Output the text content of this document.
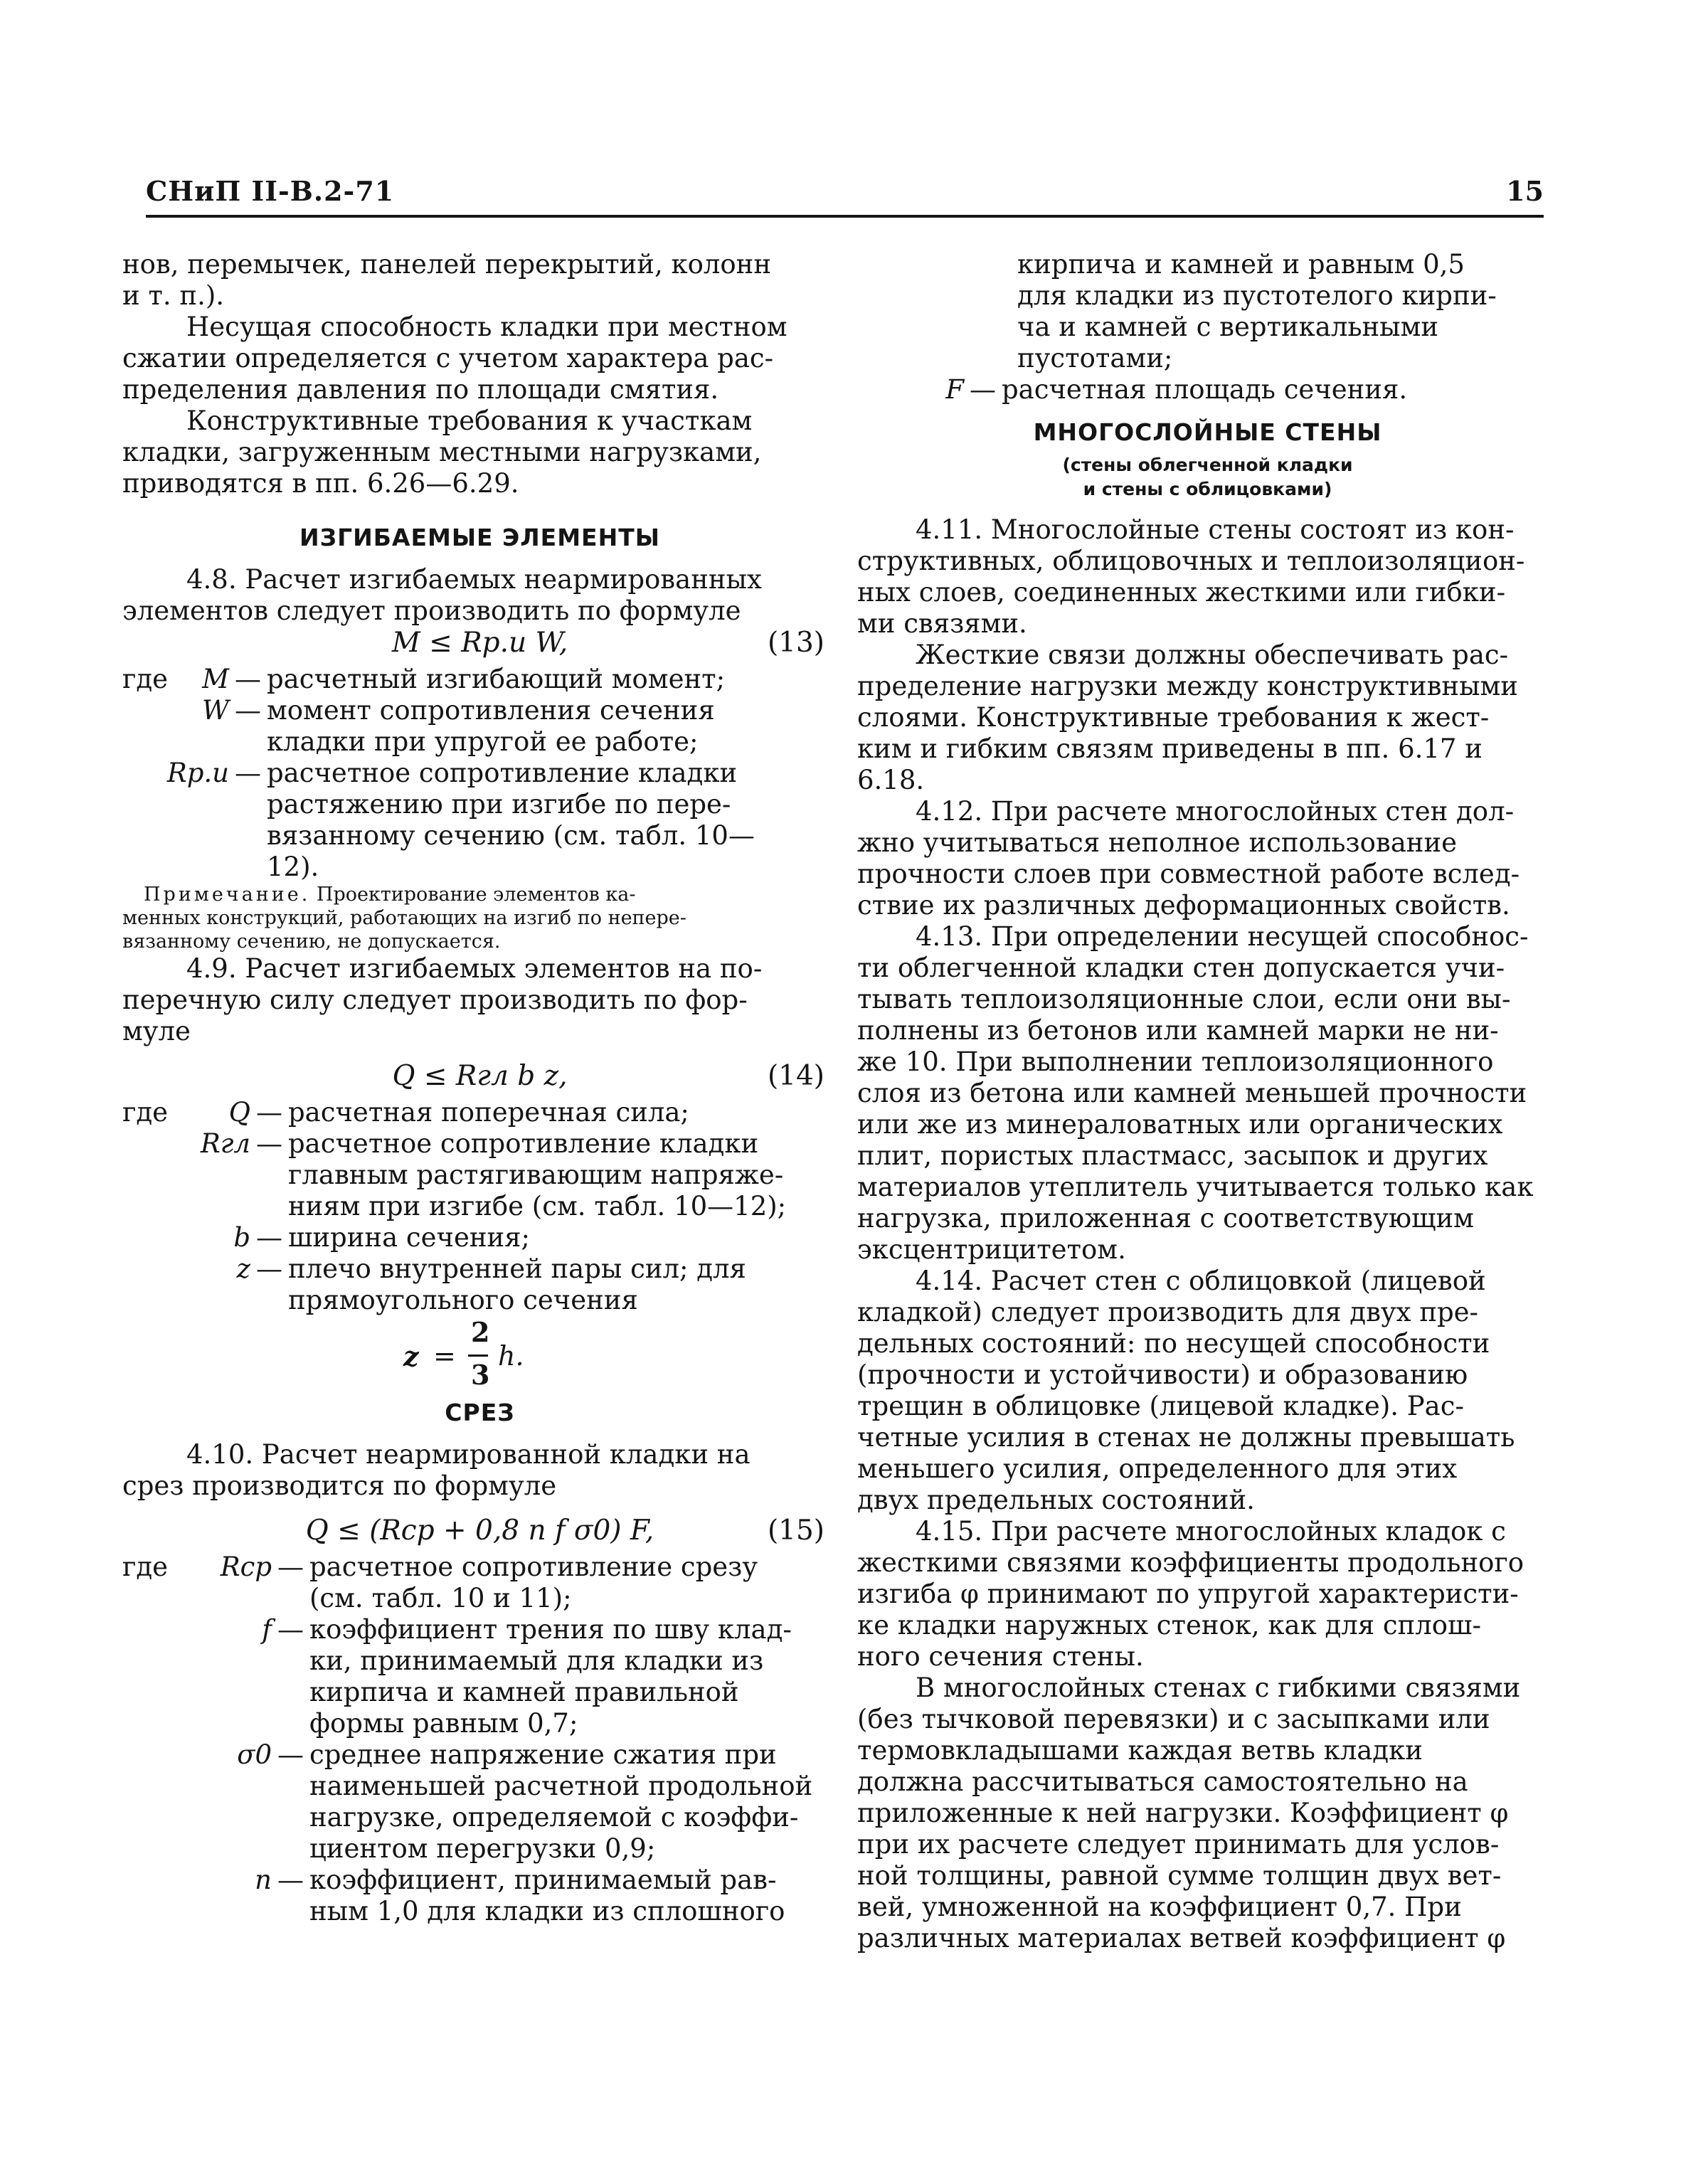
СНиП II-В.2-71	15

нов, перемычек, панелей перекрытий, колонн
и т. п.).

Несущая способность кладки при местном
сжатии определяется с учетом характера рас-
пределения давления по площади смятия.

Конструктивные требования к участкам
кладки, загруженным местными нагрузками,
приводятся в пп. 6.26—6.29.

ИЗГИБАЕМЫЕ ЭЛЕМЕНТЫ

4.8. Расчет изгибаемых неармированных
элементов следует производить по формуле

M ≤ Rр.и W,	(13)
где	M — расчетный изгибающий момент;
W — момент сопротивления сечения
кладки при упругой ее работе;
Rр.и — расчетное сопротивление кладки
растяжению при изгибе по пере-
вязанному сечению (см. табл. 10—
12).

Примечание. Проектирование элементов ка-
менных конструкций, работающих на изгиб по непере-
вязанному сечению, не допускается.

4.9. Расчет изгибаемых элементов на по-
перечную силу следует производить по фор-
муле

Q ≤ Rгл b z,	(14)
где	Q — расчетная поперечная сила;
Rгл — расчетное сопротивление кладки
главным растягивающим напряже-
ниям при изгибе (см. табл. 10—12);
b — ширина сечения;
z — плечо внутренней пары сил; для
прямоугольного сечения
z =
2
3
h.

СРЕЗ

4.10. Расчет неармированной кладки на
срез производится по формуле

Q ≤ (Rср + 0,8 n f σ0) F,	(15)
где	Rср — расчетное сопротивление срезу
(см. табл. 10 и 11);
f — коэффициент трения по шву клад-
ки, принимаемый для кладки из
кирпича и камней правильной
формы равным 0,7;
σ0 — среднее напряжение сжатия при
наименьшей расчетной продольной
нагрузке, определяемой с коэффи-
циентом перегрузки 0,9;
n — коэффициент, принимаемый рав-
ным 1,0 для кладки из сплошного

кирпича и камней и равным 0,5
для кладки из пустотелого кирпи-
ча и камней с вертикальными
пустотами;

F — расчетная площадь сечения.

МНОГОСЛОЙНЫЕ СТЕНЫ

(стены облегченной кладки
и стены с облицовками)

4.11. Многослойные стены состоят из кон-
структивных, облицовочных и теплоизоляцион-
ных слоев, соединенных жесткими или гибки-
ми связями.

Жесткие связи должны обеспечивать рас-
пределение нагрузки между конструктивными
слоями. Конструктивные требования к жест-
ким и гибким связям приведены в пп. 6.17 и
6.18.

4.12. При расчете многослойных стен дол-
жно учитываться неполное использование
прочности слоев при совместной работе вслед-
ствие их различных деформационных свойств.

4.13. При определении несущей способнос-
ти облегченной кладки стен допускается учи-
тывать теплоизоляционные слои, если они вы-
полнены из бетонов или камней марки не ни-
же 10. При выполнении теплоизоляционного
слоя из бетона или камней меньшей прочности
или же из минераловатных или органических
плит, пористых пластмасс, засыпок и других
материалов утеплитель учитывается только как
нагрузка, приложенная с соответствующим
эксцентрицитетом.

4.14. Расчет стен с облицовкой (лицевой
кладкой) следует производить для двух пре-
дельных состояний: по несущей способности
(прочности и устойчивости) и образованию
трещин в облицовке (лицевой кладке). Рас-
четные усилия в стенах не должны превышать
меньшего усилия, определенного для этих
двух предельных состояний.

4.15. При расчете многослойных кладок с
жесткими связями коэффициенты продольного
изгиба φ принимают по упругой характеристи-
ке кладки наружных стенок, как для сплош-
ного сечения стены.

В многослойных стенах с гибкими связями
(без тычковой перевязки) и с засыпками или
термовкладышами каждая ветвь кладки
должна рассчитываться самостоятельно на
приложенные к ней нагрузки. Коэффициент φ
при их расчете следует принимать для услов-
ной толщины, равной сумме толщин двух вет-
вей, умноженной на коэффициент 0,7. При
различных материалах ветвей коэффициент φ
